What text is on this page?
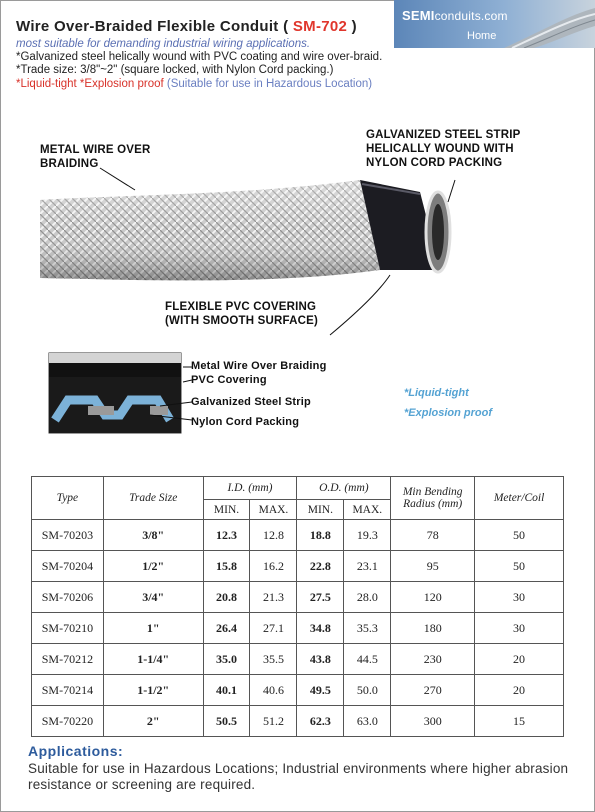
Wire Over-Braided Flexible Conduit ( SM-702 )
most suitable for demanding industrial wiring applications.
*Galvanized steel helically wound with PVC coating and wire over-braid.
*Trade size: 3/8"~2" (square locked, with Nylon Cord packing.)
*Liquid-tight *Explosion proof (Suitable for use in Hazardous Location)
SEMIconduits.com
Home
METAL WIRE OVER
BRAIDING
GALVANIZED STEEL STRIP
HELICALLY WOUND WITH
NYLON CORD PACKING
FLEXIBLE PVC COVERING
(WITH SMOOTH SURFACE)
Metal Wire Over Braiding
PVC Covering
Galvanized Steel Strip
Nylon Cord Packing
*Liquid-tight
*Explosion proof
Type	Trade Size	I.D. (mm)		O.D. (mm)		Min Bending Radius (mm)	Meter/Coil
		MIN.	MAX.	MIN.	MAX.		
SM-70203	3/8"	12.3	12.8	18.8	19.3	78	50
SM-70204	1/2"	15.8	16.2	22.8	23.1	95	50
SM-70206	3/4"	20.8	21.3	27.5	28.0	120	30
SM-70210	1"	26.4	27.1	34.8	35.3	180	30
SM-70212	1-1/4"	35.0	35.5	43.8	44.5	230	20
SM-70214	1-1/2"	40.1	40.6	49.5	50.0	270	20
SM-70220	2"	50.5	51.2	62.3	63.0	300	15
Applications:
Suitable for use in Hazardous Locations; Industrial environments where higher abrasion resistance or screening are required.
